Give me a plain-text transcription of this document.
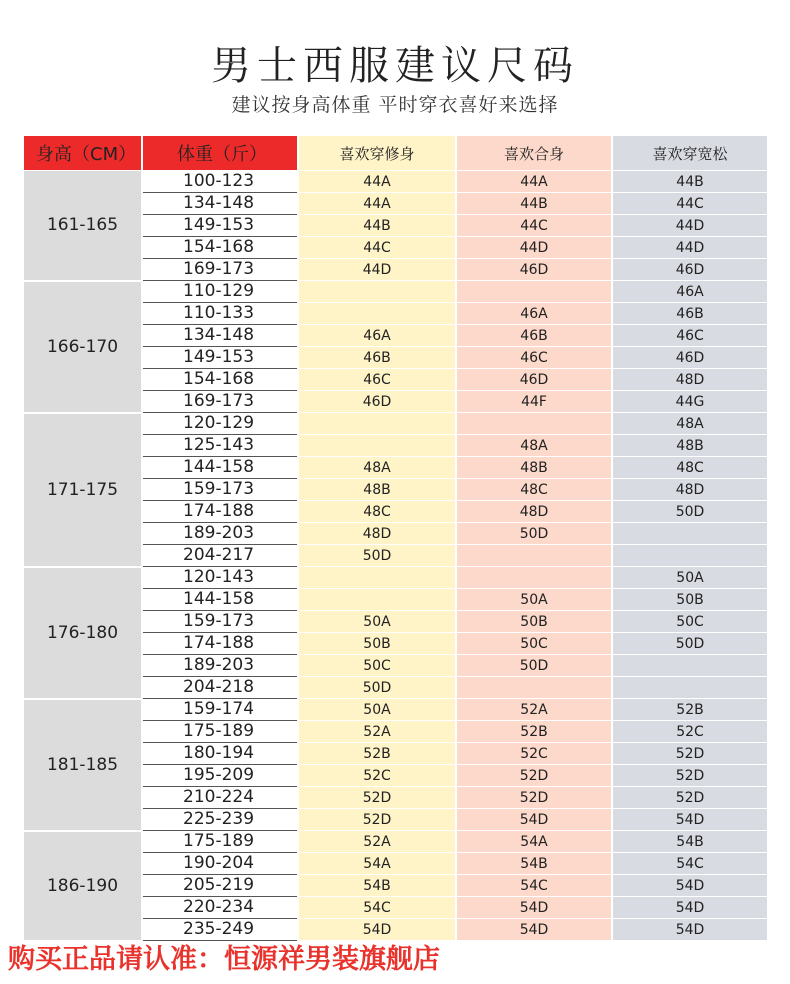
男士西服建议尺码
建议按身高体重 平时穿衣喜好来选择
身高（CM）	体重（斤）	喜欢穿修身	喜欢合身	喜欢穿宽松
161-165	100-123	44A	44A	44B
	134-148	44A	44B	44C
	149-153	44B	44C	44D
	154-168	44C	44D	44D
	169-173	44D	46D	46D
166-170	110-129			46A
	110-133		46A	46B
	134-148	46A	46B	46C
	149-153	46B	46C	46D
	154-168	46C	46D	48D
	169-173	46D	44F	44G
171-175	120-129			48A
	125-143		48A	48B
	144-158	48A	48B	48C
	159-173	48B	48C	48D
	174-188	48C	48D	50D
	189-203	48D	50D	
	204-217	50D		
176-180	120-143			50A
	144-158		50A	50B
	159-173	50A	50B	50C
	174-188	50B	50C	50D
	189-203	50C	50D	
	204-218	50D		
181-185	159-174	50A	52A	52B
	175-189	52A	52B	52C
	180-194	52B	52C	52D
	195-209	52C	52D	52D
	210-224	52D	52D	52D
	225-239	52D	54D	54D
186-190	175-189	52A	54A	54B
	190-204	54A	54B	54C
	205-219	54B	54C	54D
	220-234	54C	54D	54D
	235-249	54D	54D	54D
购买正品请认准：恒源祥男装旗舰店
